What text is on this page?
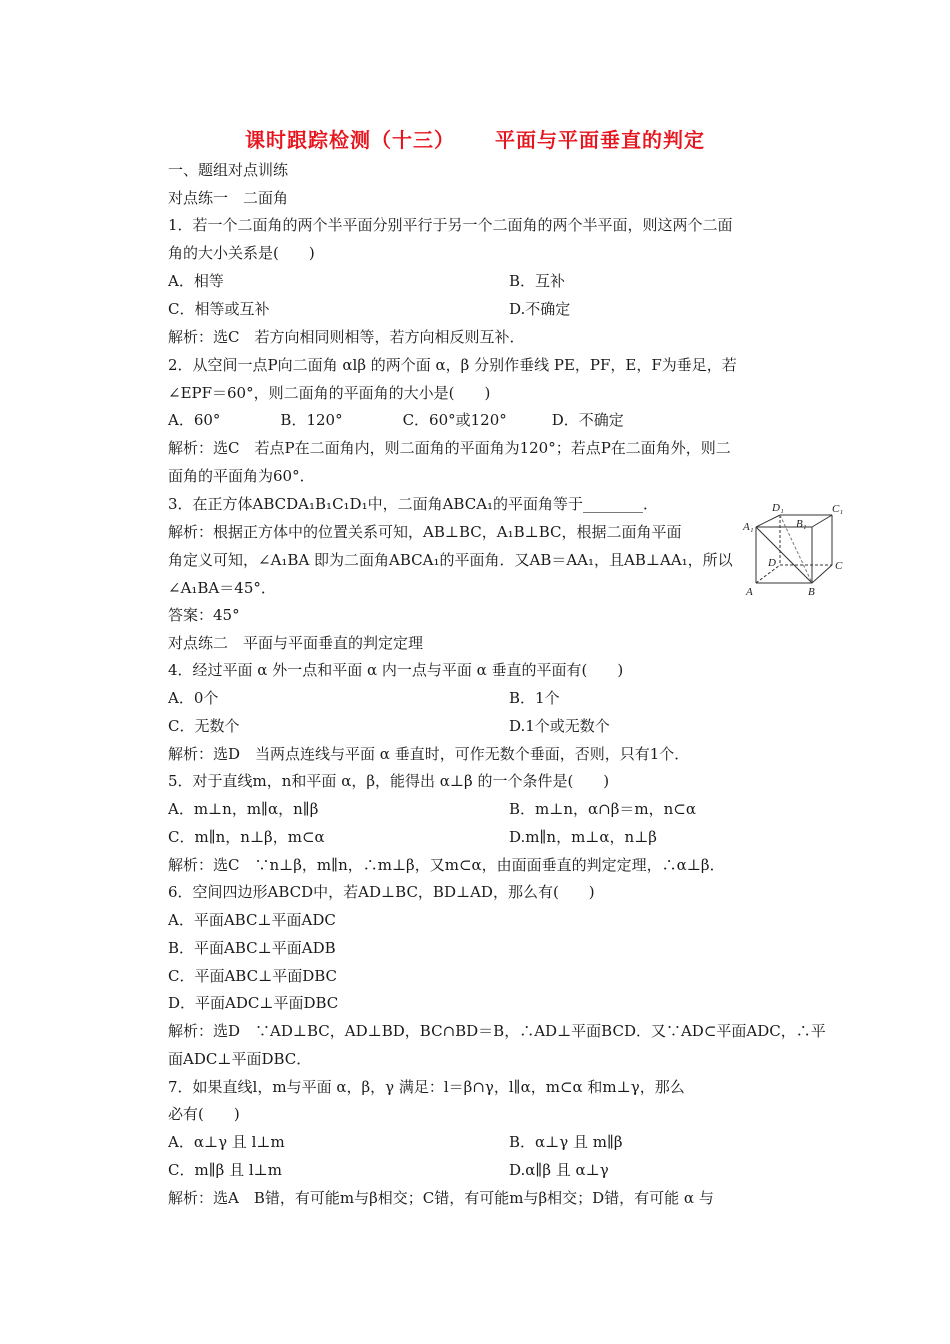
课时跟踪检测（十三） 平面与平面垂直的判定
一、题组对点训练
对点练一　二面角
1．若一个二面角的两个半平面分别平行于另一个二面角的两个半平面，则这两个二面
角的大小关系是(　　)
A．相等	B．互补
C．相等或互补	D.不确定
解析：选C　若方向相同则相等，若方向相反则互补．
2．从空间一点P向二面角 αlβ 的两个面 α，β 分别作垂线 PE，PF，E，F为垂足，若
∠EPF＝60°，则二面角的平面角的大小是(　　)
A．60°　　　　B．120°　　　　C．60°或120°　　　D．不确定
解析：选C　若点P在二面角内，则二面角的平面角为120°；若点P在二面角外，则二
面角的平面角为60°．
3．在正方体ABCDA₁B₁C₁D₁中，二面角ABCA₁的平面角等于________．
解析：根据正方体中的位置关系可知，AB⊥BC，A₁B⊥BC，根据二面角平面
角定义可知，∠A₁BA 即为二面角ABCA₁的平面角．又AB＝AA₁，且AB⊥AA₁，所以
∠A₁BA＝45°．
答案：45°
对点练二　平面与平面垂直的判定定理
4．经过平面 α 外一点和平面 α 内一点与平面 α 垂直的平面有(　　)
A．0个	B．1个
C．无数个	D.1个或无数个
解析：选D　当两点连线与平面 α 垂直时，可作无数个垂面，否则，只有1个．
5．对于直线m，n和平面 α，β，能得出 α⊥β 的一个条件是(　　)
A．m⊥n，m∥α，n∥β	B．m⊥n，α∩β＝m，n⊂α
C．m∥n，n⊥β，m⊂α	D.m∥n，m⊥α，n⊥β
解析：选C　∵n⊥β，m∥n，∴m⊥β，又m⊂α，由面面垂直的判定定理，∴α⊥β．
6．空间四边形ABCD中，若AD⊥BC，BD⊥AD，那么有(　　)
A．平面ABC⊥平面ADC
B．平面ABC⊥平面ADB
C．平面ABC⊥平面DBC
D．平面ADC⊥平面DBC
解析：选D　∵AD⊥BC，AD⊥BD，BC∩BD＝B，∴AD⊥平面BCD．又∵AD⊂平面ADC，∴平
面ADC⊥平面DBC．
7．如果直线l，m与平面 α，β，γ 满足：l＝β∩γ，l∥α，m⊂α 和m⊥γ，那么
必有(　　)
A．α⊥γ 且 l⊥m	B．α⊥γ 且 m∥β
C．m∥β 且 l⊥m	D.α∥β 且 α⊥γ
解析：选A　B错，有可能m与β相交；C错，有可能m与β相交；D错，有可能 α 与
A	B
C
D
A₁	B₁
C₁
D₁
